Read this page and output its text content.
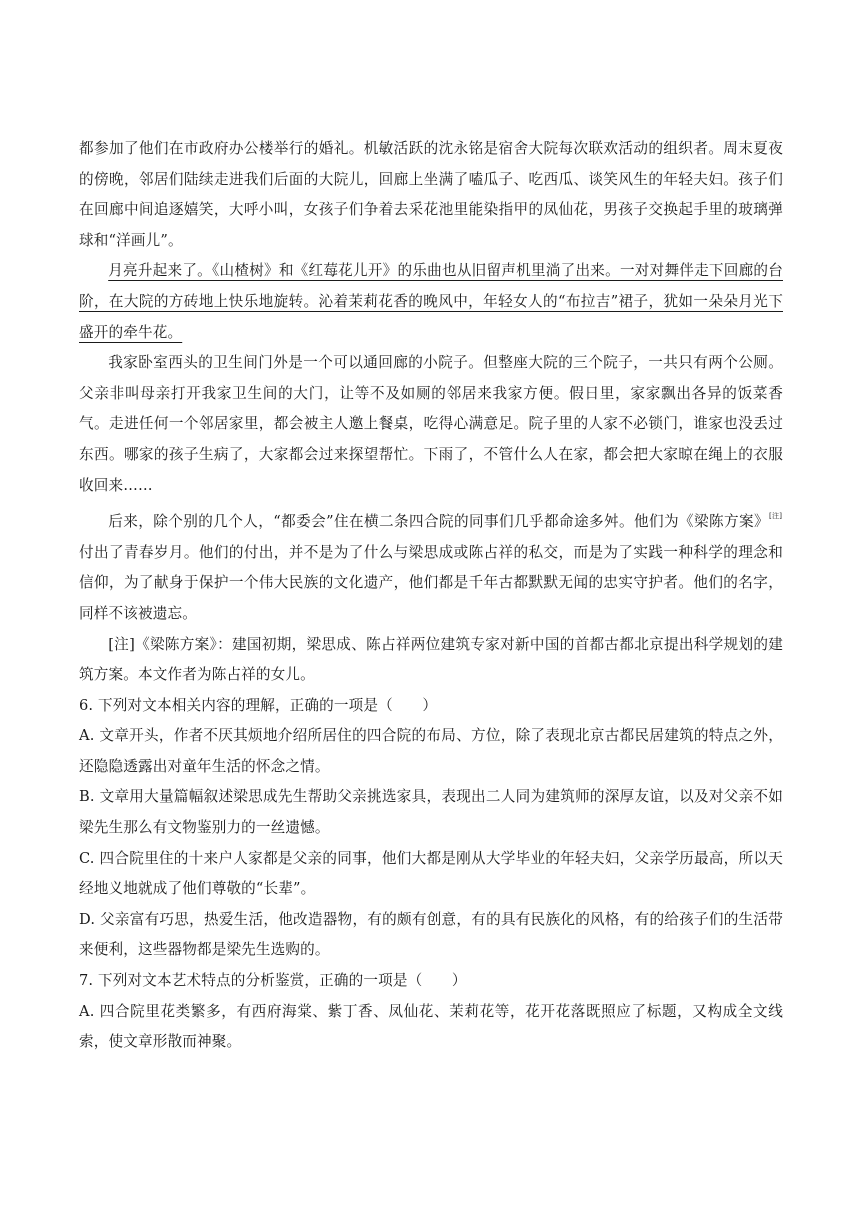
都参加了他们在市政府办公楼举行的婚礼。机敏活跃的沈永铭是宿舍大院每次联欢活动的组织者。周末夏夜的傍晚，邻居们陆续走进我们后面的大院儿，回廊上坐满了嗑瓜子、吃西瓜、谈笑风生的年轻夫妇。孩子们在回廊中间追逐嬉笑，大呼小叫，女孩子们争着去采花池里能染指甲的凤仙花，男孩子交换起手里的玻璃弹球和“洋画儿”。

月亮升起来了。《山楂树》和《红莓花儿开》的乐曲也从旧留声机里淌了出来。一对对舞伴走下回廊的台阶，在大院的方砖地上快乐地旋转。沁着茉莉花香的晚风中，年轻女人的“布拉吉”裙子，犹如一朵朵月光下盛开的牵牛花。

我家卧室西头的卫生间门外是一个可以通回廊的小院子。但整座大院的三个院子，一共只有两个公厕。父亲非叫母亲打开我家卫生间的大门，让等不及如厕的邻居来我家方便。假日里，家家飘出各异的饭菜香气。走进任何一个邻居家里，都会被主人邀上餐桌，吃得心满意足。院子里的人家不必锁门，谁家也没丢过东西。哪家的孩子生病了，大家都会过来探望帮忙。下雨了，不管什么人在家，都会把大家晾在绳上的衣服收回来……

后来，除个别的几个人，“都委会”住在横二条四合院的同事们几乎都命途多舛。他们为《梁陈方案》[注]付出了青春岁月。他们的付出，并不是为了什么与梁思成或陈占祥的私交，而是为了实践一种科学的理念和信仰，为了献身于保护一个伟大民族的文化遗产，他们都是千年古都默默无闻的忠实守护者。他们的名字，同样不该被遗忘。

[注]《梁陈方案》：建国初期，梁思成、陈占祥两位建筑专家对新中国的首都古都北京提出科学规划的建筑方案。本文作者为陈占祥的女儿。

6. 下列对文本相关内容的理解，正确的一项是（　　）

A. 文章开头，作者不厌其烦地介绍所居住的四合院的布局、方位，除了表现北京古都民居建筑的特点之外，还隐隐透露出对童年生活的怀念之情。

B. 文章用大量篇幅叙述梁思成先生帮助父亲挑选家具，表现出二人同为建筑师的深厚友谊，以及对父亲不如梁先生那么有文物鉴别力的一丝遗憾。

C. 四合院里住的十来户人家都是父亲的同事，他们大都是刚从大学毕业的年轻夫妇，父亲学历最高，所以天经地义地就成了他们尊敬的“长辈”。

D. 父亲富有巧思，热爱生活，他改造器物，有的颇有创意，有的具有民族化的风格，有的给孩子们的生活带来便利，这些器物都是梁先生选购的。

7. 下列对文本艺术特点的分析鉴赏，正确的一项是（　　）

A. 四合院里花类繁多，有西府海棠、紫丁香、凤仙花、茉莉花等，花开花落既照应了标题，又构成全文线索，使文章形散而神聚。
